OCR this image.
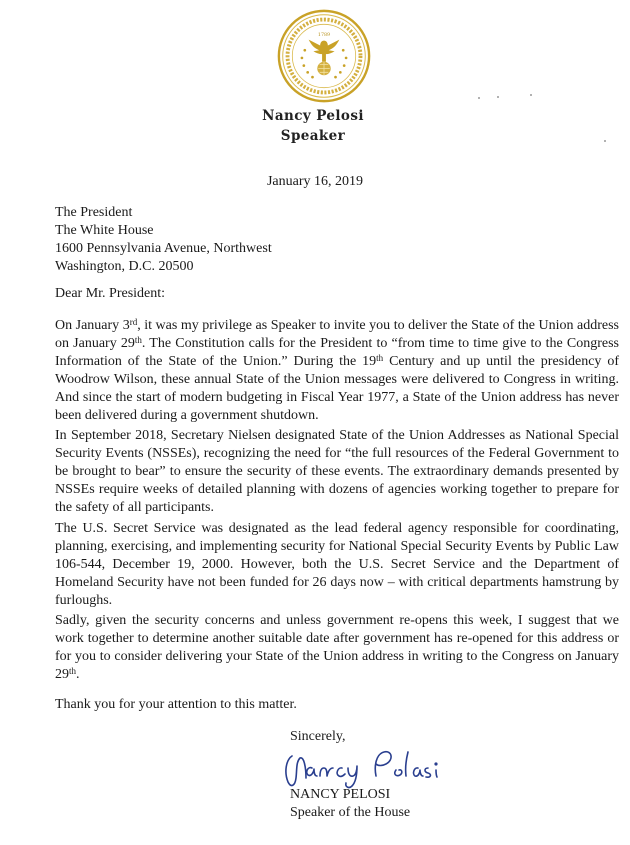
1789
Nancy Pelosi
Speaker
January 16, 2019
The President
The White House
1600 Pennsylvania Avenue, Northwest
Washington, D.C. 20500
Dear Mr. President:

On January 3rd, it was my privilege as Speaker to invite you to deliver the State of the Union address on January 29th. The Constitution calls for the President to “from time to time give to the Congress Information of the State of the Union.” During the 19th Century and up until the presidency of Woodrow Wilson, these annual State of the Union messages were delivered to Congress in writing. And since the start of modern budgeting in Fiscal Year 1977, a State of the Union address has never been delivered during a government shutdown.

In September 2018, Secretary Nielsen designated State of the Union Addresses as National Special Security Events (NSSEs), recognizing the need for “the full resources of the Federal Government to be brought to bear” to ensure the security of these events. The extraordinary demands presented by NSSEs require weeks of detailed planning with dozens of agencies working together to prepare for the safety of all participants.

The U.S. Secret Service was designated as the lead federal agency responsible for coordinating, planning, exercising, and implementing security for National Special Security Events by Public Law 106-544, December 19, 2000. However, both the U.S. Secret Service and the Department of Homeland Security have not been funded for 26 days now – with critical departments hamstrung by furloughs.

Sadly, given the security concerns and unless government re-opens this week, I suggest that we work together to determine another suitable date after government has re-opened for this address or for you to consider delivering your State of the Union address in writing to the Congress on January 29th.

Thank you for your attention to this matter.

Sincerely,
NANCY PELOSI
Speaker of the House
